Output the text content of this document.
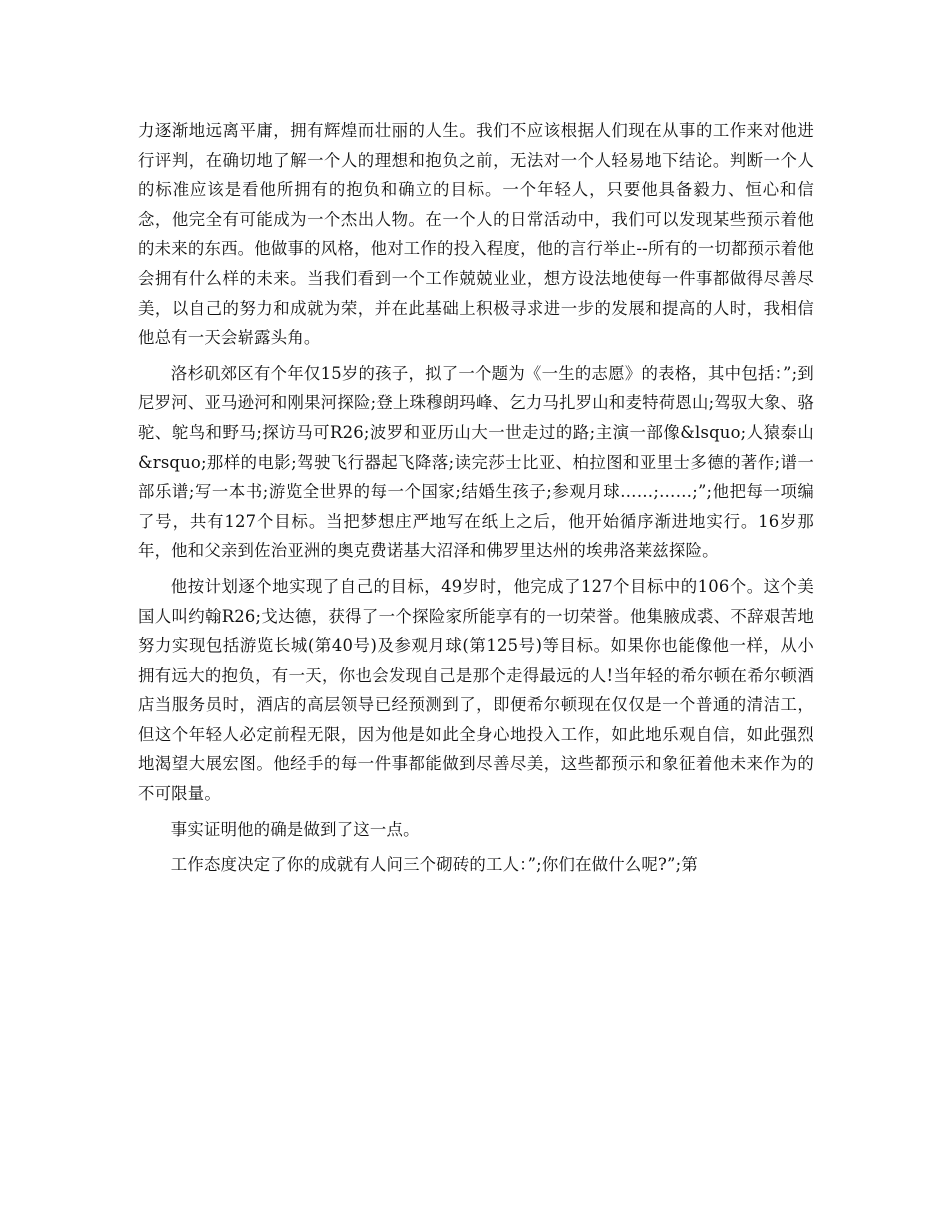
力逐渐地远离平庸，拥有辉煌而壮丽的人生。我们不应该根据人们现在从事的工作来对他进行评判，在确切地了解一个人的理想和抱负之前，无法对一个人轻易地下结论。判断一个人的标准应该是看他所拥有的抱负和确立的目标。一个年轻人，只要他具备毅力、恒心和信念，他完全有可能成为一个杰出人物。在一个人的日常活动中，我们可以发现某些预示着他的未来的东西。他做事的风格，他对工作的投入程度，他的言行举止--所有的一切都预示着他会拥有什么样的未来。当我们看到一个工作兢兢业业，想方设法地使每一件事都做得尽善尽美，以自己的努力和成就为荣，并在此基础上积极寻求进一步的发展和提高的人时，我相信他总有一天会崭露头角。

洛杉矶郊区有个年仅15岁的孩子，拟了一个题为《一生的志愿》的表格，其中包括：”;到尼罗河、亚马逊河和刚果河探险;登上珠穆朗玛峰、乞力马扎罗山和麦特荷恩山;驾驭大象、骆驼、鸵鸟和野马;探访马可R26;波罗和亚历山大一世走过的路;主演一部像&lsquo;人猿泰山&rsquo;那样的电影;驾驶飞行器起飞降落;读完莎士比亚、柏拉图和亚里士多德的著作;谱一部乐谱;写一本书;游览全世界的每一个国家;结婚生孩子;参观月球……;……;”;他把每一项编了号，共有127个目标。当把梦想庄严地写在纸上之后，他开始循序渐进地实行。16岁那年，他和父亲到佐治亚洲的奥克费诺基大沼泽和佛罗里达州的埃弗洛莱兹探险。

他按计划逐个地实现了自己的目标，49岁时，他完成了127个目标中的106个。这个美国人叫约翰R26;戈达德，获得了一个探险家所能享有的一切荣誉。他集腋成裘、不辞艰苦地努力实现包括游览长城(第40号)及参观月球(第125号)等目标。如果你也能像他一样，从小拥有远大的抱负，有一天，你也会发现自己是那个走得最远的人!当年轻的希尔顿在希尔顿酒店当服务员时，酒店的高层领导已经预测到了，即便希尔顿现在仅仅是一个普通的清洁工，但这个年轻人必定前程无限，因为他是如此全身心地投入工作，如此地乐观自信，如此强烈地渴望大展宏图。他经手的每一件事都能做到尽善尽美，这些都预示和象征着他未来作为的不可限量。

事实证明他的确是做到了这一点。

工作态度决定了你的成就有人问三个砌砖的工人：”;你们在做什么呢?”;第
